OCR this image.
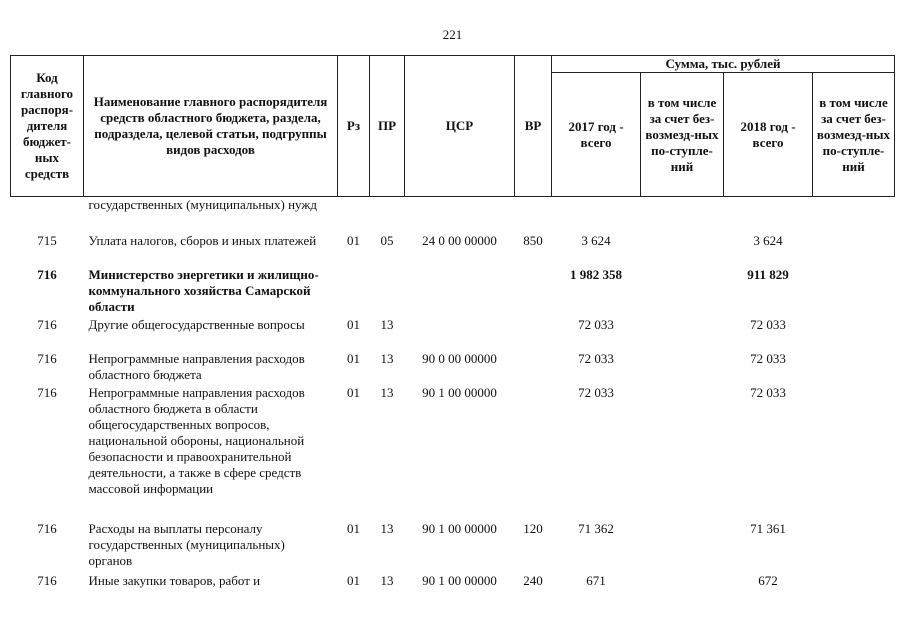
221
Код главного распоря-дителя бюджет-ных средств	Наименование главного распорядителя средств областного бюджета, раздела, подраздела, целевой статьи, подгруппы видов расходов	Рз	ПР	ЦСР	ВР	Сумма, тыс. рублей			
						2017 год - всего	в том числе за счет без-возмезд-ных по-ступле-ний	2018 год - всего	в том числе за счет без-возмезд-ных по-ступле-ний
	государственных (муниципальных) нужд								
715	Уплата налогов, сборов и иных платежей	01	05	24 0 00 00000	850	3 624		3 624	
716	Министерство энергетики и жилищно-коммунального хозяйства Самарской области					1 982 358		911 829	
716	Другие общегосударственные вопросы	01	13			72 033		72 033	
716	Непрограммные направления расходов областного бюджета	01	13	90 0 00 00000		72 033		72 033	
716	Непрограммные направления расходов областного бюджета в области общегосударственных вопросов, национальной обороны, национальной безопасности и правоохранительной деятельности, а также в сфере средств массовой информации	01	13	90 1 00 00000		72 033		72 033	
716	Расходы на выплаты персоналу государственных (муниципальных) органов	01	13	90 1 00 00000	120	71 362		71 361	
716	Иные закупки товаров, работ и	01	13	90 1 00 00000	240	671		672	
